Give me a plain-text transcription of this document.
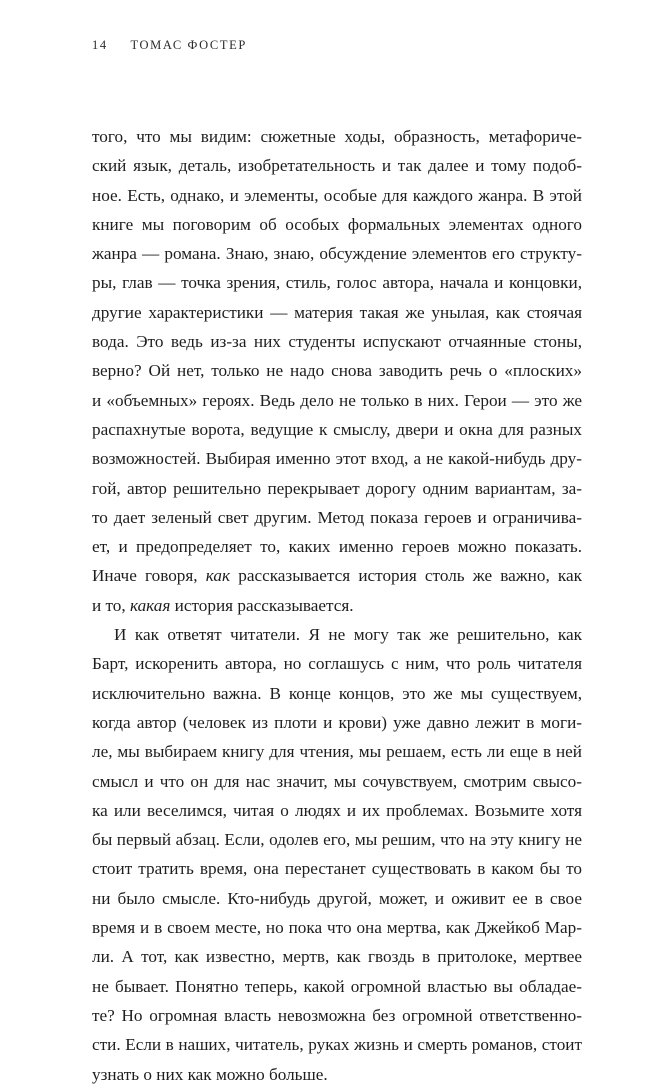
14 ТОМАС ФОСТЕР
того, что мы видим: сюжетные ходы, образность, метафориче-
ский язык, деталь, изобретательность и так далее и тому подоб-
ное. Есть, однако, и элементы, особые для каждого жанра. В этой
книге мы поговорим об особых формальных элементах одного
жанра — романа. Знаю, знаю, обсуждение элементов его структу-
ры, глав — точка зрения, стиль, голос автора, начала и концовки,
другие характеристики — материя такая же унылая, как стоячая
вода. Это ведь из-за них студенты испускают отчаянные стоны,
верно? Ой нет, только не надо снова заводить речь о «плоских»
и «объемных» героях. Ведь дело не только в них. Герои — это же
распахнутые ворота, ведущие к смыслу, двери и окна для разных
возможностей. Выбирая именно этот вход, а не какой-нибудь дру-
гой, автор решительно перекрывает дорогу одним вариантам, за-
то дает зеленый свет другим. Метод показа героев и ограничива-
ет, и предопределяет то, каких именно героев можно показать.
Иначе говоря, как рассказывается история столь же важно, как
и то, какая история рассказывается.
И как ответят читатели. Я не могу так же решительно, как
Барт, искоренить автора, но соглашусь с ним, что роль читателя
исключительно важна. В конце концов, это же мы существуем,
когда автор (человек из плоти и крови) уже давно лежит в моги-
ле, мы выбираем книгу для чтения, мы решаем, есть ли еще в ней
смысл и что он для нас значит, мы сочувствуем, смотрим свысо-
ка или веселимся, читая о людях и их проблемах. Возьмите хотя
бы первый абзац. Если, одолев его, мы решим, что на эту книгу не
стоит тратить время, она перестанет существовать в каком бы то
ни было смысле. Кто-нибудь другой, может, и оживит ее в свое
время и в своем месте, но пока что она мертва, как Джейкоб Мар-
ли. А тот, как известно, мертв, как гвоздь в притолоке, мертвее
не бывает. Понятно теперь, какой огромной властью вы обладае-
те? Но огромная власть невозможна без огромной ответственно-
сти. Если в наших, читатель, руках жизнь и смерть романов, стоит
узнать о них как можно больше.
